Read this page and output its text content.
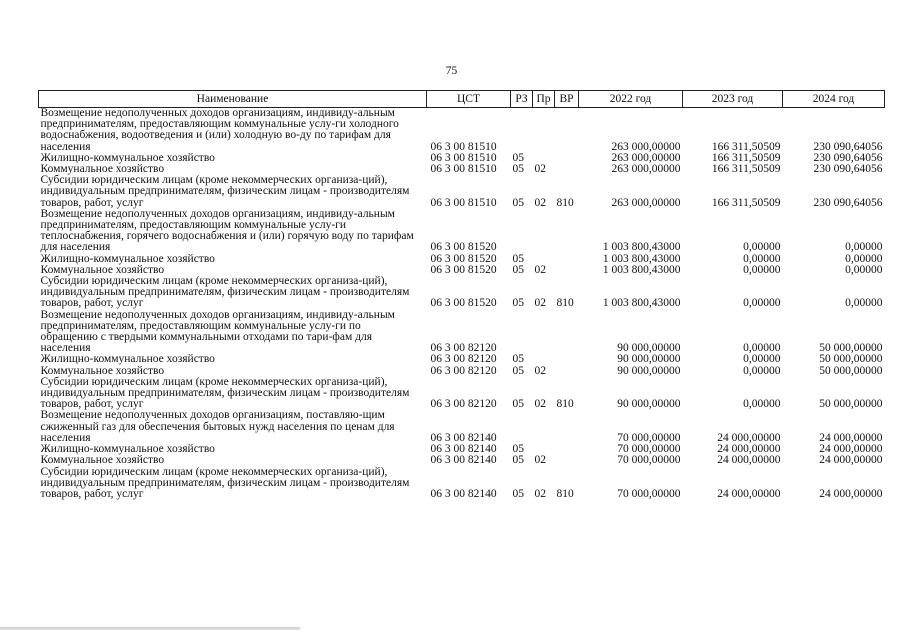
75
Наименование	ЦСТ	РЗ	Пр	ВР	2022 год	2023 год	2024 год
Возмещение недополученных доходов организациям, индивиду-альным предпринимателям, предоставляющим коммунальные услу-ги холодного водоснабжения, водоотведения и (или) холодную во-ду по тарифам для населения	06 3 00 81510				263 000,00000	166 311,50509	230 090,64056
Жилищно-коммунальное хозяйство	06 3 00 81510	05			263 000,00000	166 311,50509	230 090,64056
Коммунальное хозяйство	06 3 00 81510	05	02		263 000,00000	166 311,50509	230 090,64056
Субсидии юридическим лицам (кроме некоммерческих организа-ций), индивидуальным предпринимателям, физическим лицам - производителям товаров, работ, услуг	06 3 00 81510	05	02	810	263 000,00000	166 311,50509	230 090,64056
Возмещение недополученных доходов организациям, индивиду-альным предпринимателям, предоставляющим коммунальные услу-ги теплоснабжения, горячего водоснабжения и (или) горячую воду по тарифам для населения	06 3 00 81520				1 003 800,43000	0,00000	0,00000
Жилищно-коммунальное хозяйство	06 3 00 81520	05			1 003 800,43000	0,00000	0,00000
Коммунальное хозяйство	06 3 00 81520	05	02		1 003 800,43000	0,00000	0,00000
Субсидии юридическим лицам (кроме некоммерческих организа-ций), индивидуальным предпринимателям, физическим лицам - производителям товаров, работ, услуг	06 3 00 81520	05	02	810	1 003 800,43000	0,00000	0,00000
Возмещение недополученных доходов организациям, индивиду-альным предпринимателям, предоставляющим коммунальные услу-ги по обращению с твердыми коммунальными отходами по тари-фам для населения	06 3 00 82120				90 000,00000	0,00000	50 000,00000
Жилищно-коммунальное хозяйство	06 3 00 82120	05			90 000,00000	0,00000	50 000,00000
Коммунальное хозяйство	06 3 00 82120	05	02		90 000,00000	0,00000	50 000,00000
Субсидии юридическим лицам (кроме некоммерческих организа-ций), индивидуальным предпринимателям, физическим лицам - производителям товаров, работ, услуг	06 3 00 82120	05	02	810	90 000,00000	0,00000	50 000,00000
Возмещение недополученных доходов организациям, поставляю-щим сжиженный газ для обеспечения бытовых нужд населения по ценам для населения	06 3 00 82140				70 000,00000	24 000,00000	24 000,00000
Жилищно-коммунальное хозяйство	06 3 00 82140	05			70 000,00000	24 000,00000	24 000,00000
Коммунальное хозяйство	06 3 00 82140	05	02		70 000,00000	24 000,00000	24 000,00000
Субсидии юридическим лицам (кроме некоммерческих организа-ций), индивидуальным предпринимателям, физическим лицам - производителям товаров, работ, услуг	06 3 00 82140	05	02	810	70 000,00000	24 000,00000	24 000,00000
